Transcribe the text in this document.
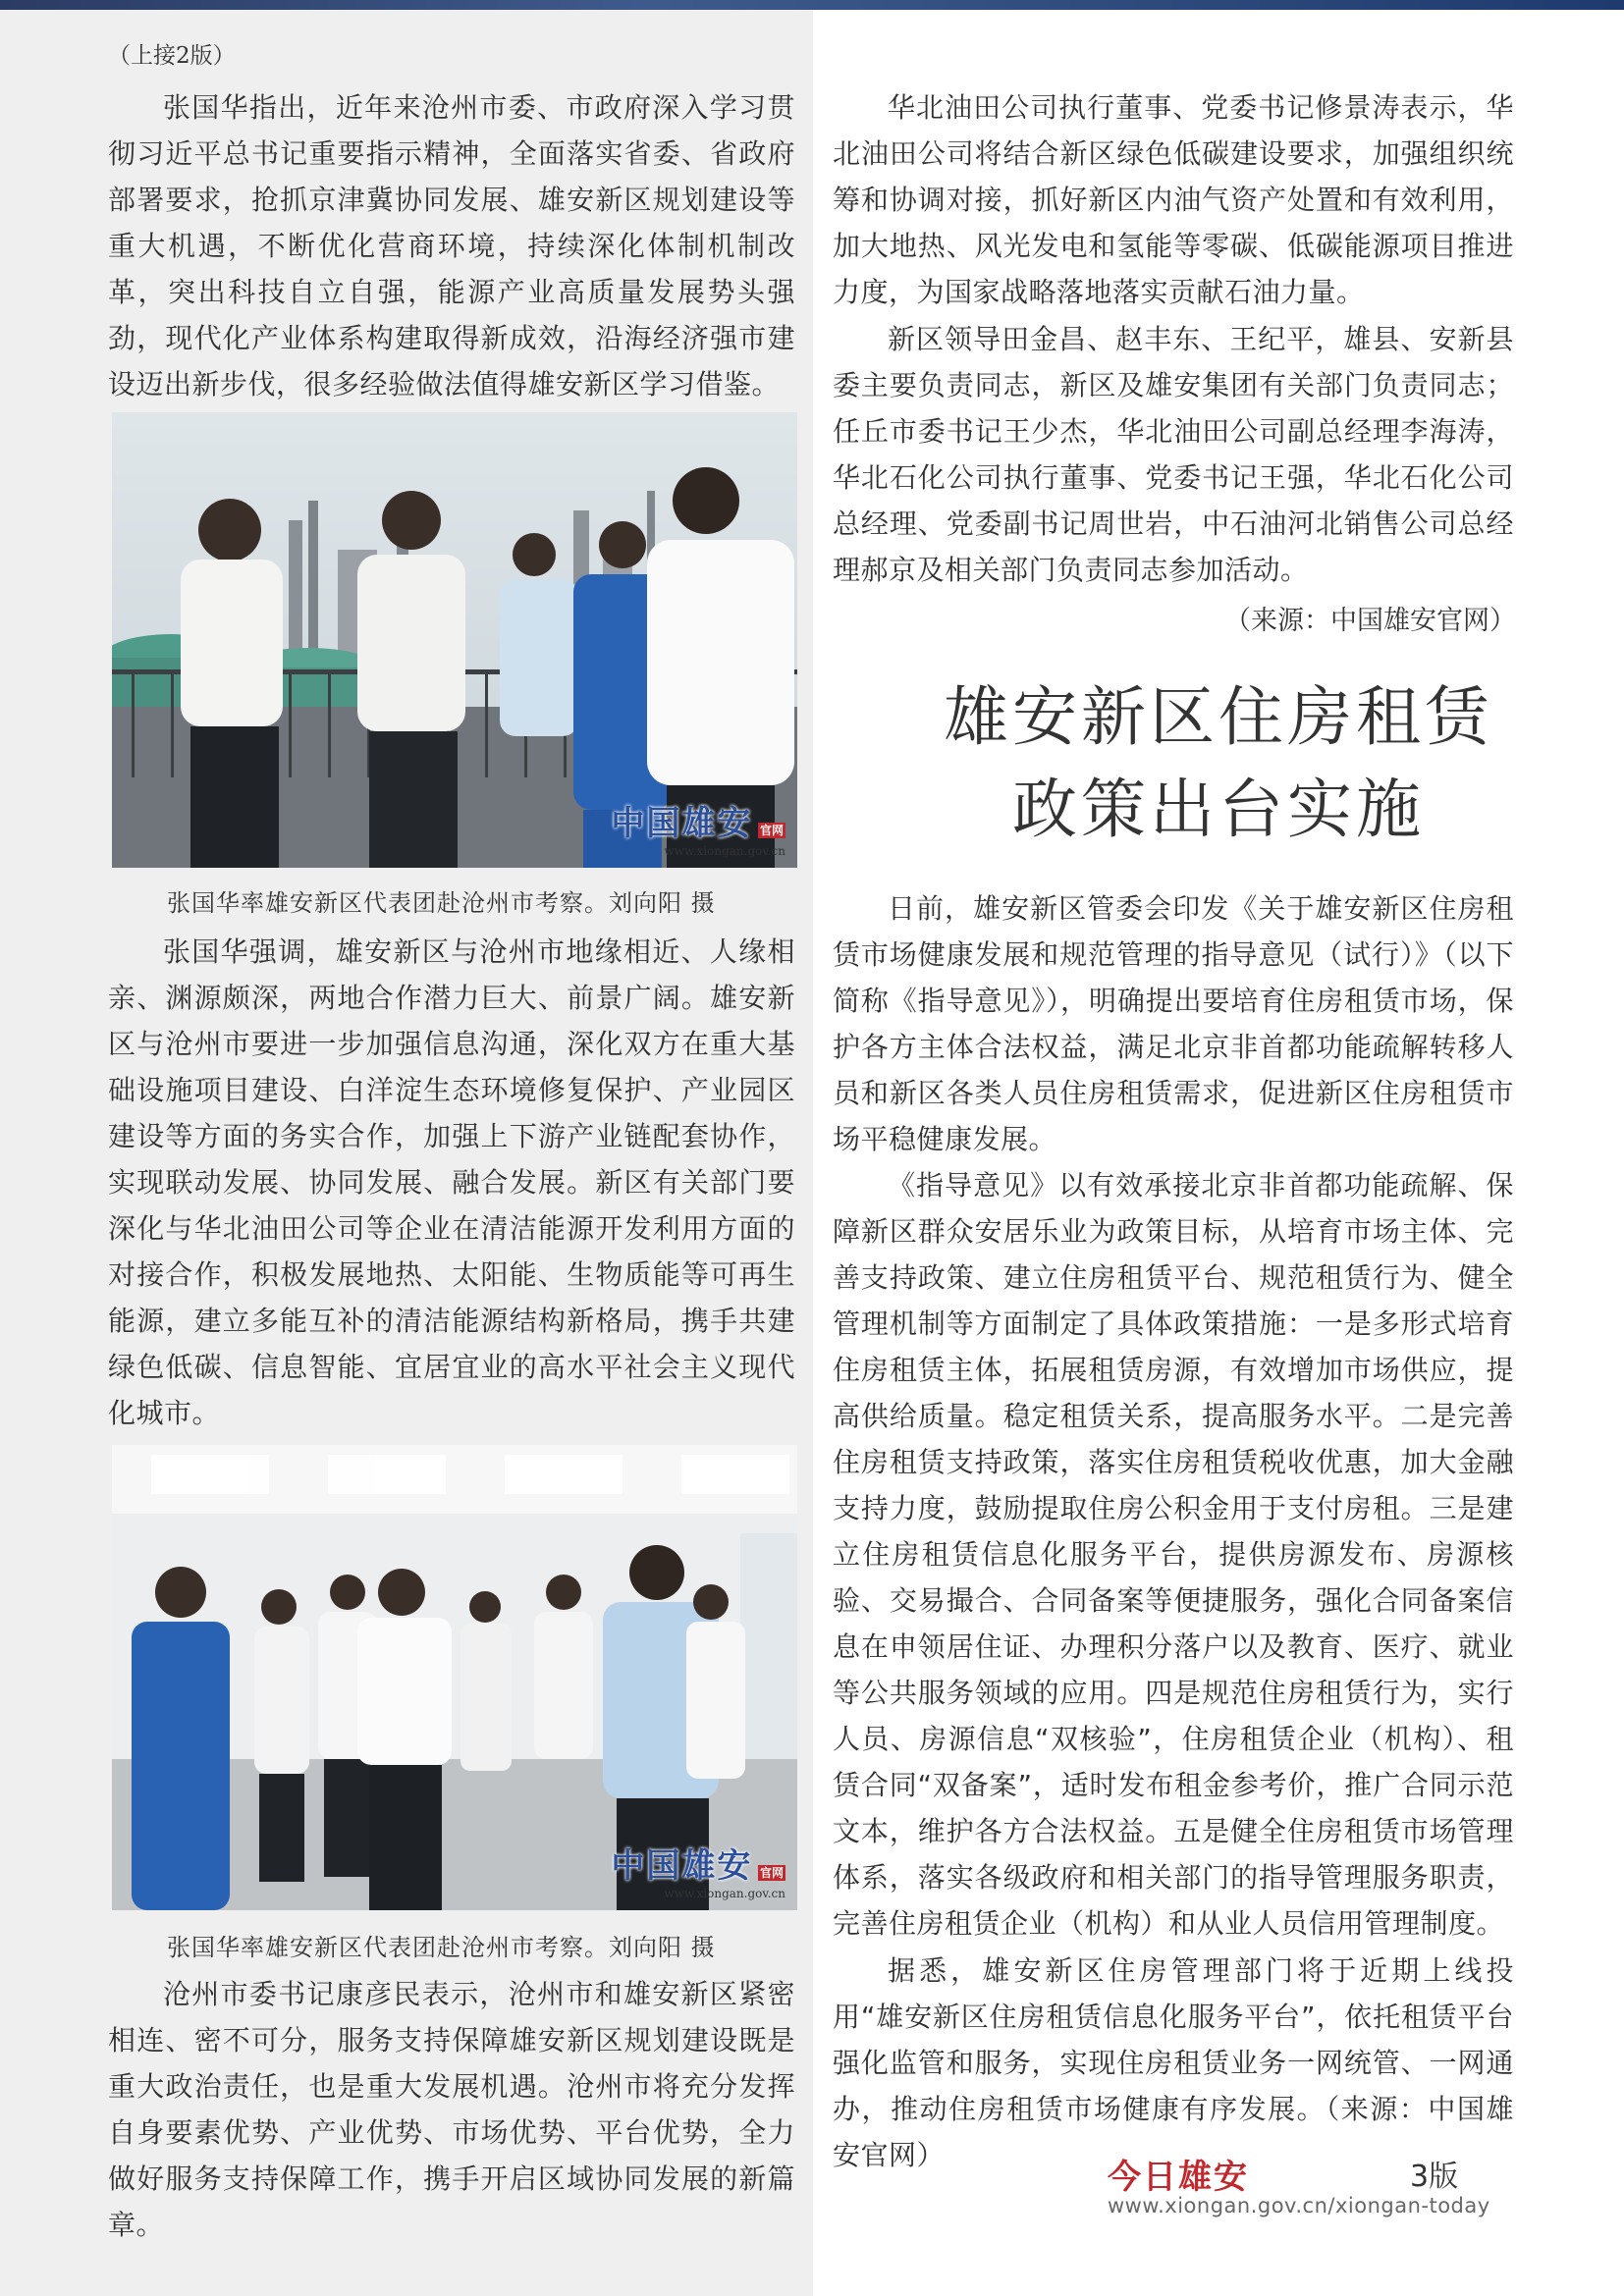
（上接2版）

张国华指出，近年来沧州市委、市政府深入学习贯彻习近平总书记重要指示精神，全面落实省委、省政府部署要求，抢抓京津冀协同发展、雄安新区规划建设等重大机遇，不断优化营商环境，持续深化体制机制改革，突出科技自立自强，能源产业高质量发展势头强劲，现代化产业体系构建取得新成效，沿海经济强市建设迈出新步伐，很多经验做法值得雄安新区学习借鉴。

中国雄安 官网
www.xiongan.gov.cn
张国华率雄安新区代表团赴沧州市考察。刘向阳 摄

张国华强调，雄安新区与沧州市地缘相近、人缘相亲、渊源颇深，两地合作潜力巨大、前景广阔。雄安新区与沧州市要进一步加强信息沟通，深化双方在重大基础设施项目建设、白洋淀生态环境修复保护、产业园区建设等方面的务实合作，加强上下游产业链配套协作，实现联动发展、协同发展、融合发展。新区有关部门要深化与华北油田公司等企业在清洁能源开发利用方面的对接合作，积极发展地热、太阳能、生物质能等可再生能源，建立多能互补的清洁能源结构新格局，携手共建绿色低碳、信息智能、宜居宜业的高水平社会主义现代化城市。

中国雄安 官网
www.xiongan.gov.cn
张国华率雄安新区代表团赴沧州市考察。刘向阳 摄

沧州市委书记康彦民表示，沧州市和雄安新区紧密相连、密不可分，服务支持保障雄安新区规划建设既是重大政治责任，也是重大发展机遇。沧州市将充分发挥自身要素优势、产业优势、市场优势、平台优势，全力做好服务支持保障工作，携手开启区域协同发展的新篇章。

华北油田公司执行董事、党委书记修景涛表示，华北油田公司将结合新区绿色低碳建设要求，加强组织统筹和协调对接，抓好新区内油气资产处置和有效利用，加大地热、风光发电和氢能等零碳、低碳能源项目推进力度，为国家战略落地落实贡献石油力量。

新区领导田金昌、赵丰东、王纪平，雄县、安新县委主要负责同志，新区及雄安集团有关部门负责同志；任丘市委书记王少杰，华北油田公司副总经理李海涛，华北石化公司执行董事、党委书记王强，华北石化公司总经理、党委副书记周世岩，中石油河北销售公司总经理郝京及相关部门负责同志参加活动。

（来源：中国雄安官网）
雄安新区住房租赁
政策出台实施

日前，雄安新区管委会印发《关于雄安新区住房租赁市场健康发展和规范管理的指导意见（试行）》（以下简称《指导意见》），明确提出要培育住房租赁市场，保护各方主体合法权益，满足北京非首都功能疏解转移人员和新区各类人员住房租赁需求，促进新区住房租赁市场平稳健康发展。

《指导意见》以有效承接北京非首都功能疏解、保障新区群众安居乐业为政策目标，从培育市场主体、完善支持政策、建立住房租赁平台、规范租赁行为、健全管理机制等方面制定了具体政策措施：一是多形式培育住房租赁主体，拓展租赁房源，有效增加市场供应，提高供给质量。稳定租赁关系，提高服务水平。二是完善住房租赁支持政策，落实住房租赁税收优惠，加大金融支持力度，鼓励提取住房公积金用于支付房租。三是建立住房租赁信息化服务平台，提供房源发布、房源核验、交易撮合、合同备案等便捷服务，强化合同备案信息在申领居住证、办理积分落户以及教育、医疗、就业等公共服务领域的应用。四是规范住房租赁行为，实行人员、房源信息“双核验”，住房租赁企业（机构）、租赁合同“双备案”，适时发布租金参考价，推广合同示范文本，维护各方合法权益。五是健全住房租赁市场管理体系，落实各级政府和相关部门的指导管理服务职责，完善住房租赁企业（机构）和从业人员信用管理制度。

据悉，雄安新区住房管理部门将于近期上线投用“雄安新区住房租赁信息化服务平台”，依托租赁平台强化监管和服务，实现住房租赁业务一网统管、一网通办，推动住房租赁市场健康有序发展。（来源：中国雄安官网）

今日雄安	3版
www.xiongan.gov.cn/xiongan-today
